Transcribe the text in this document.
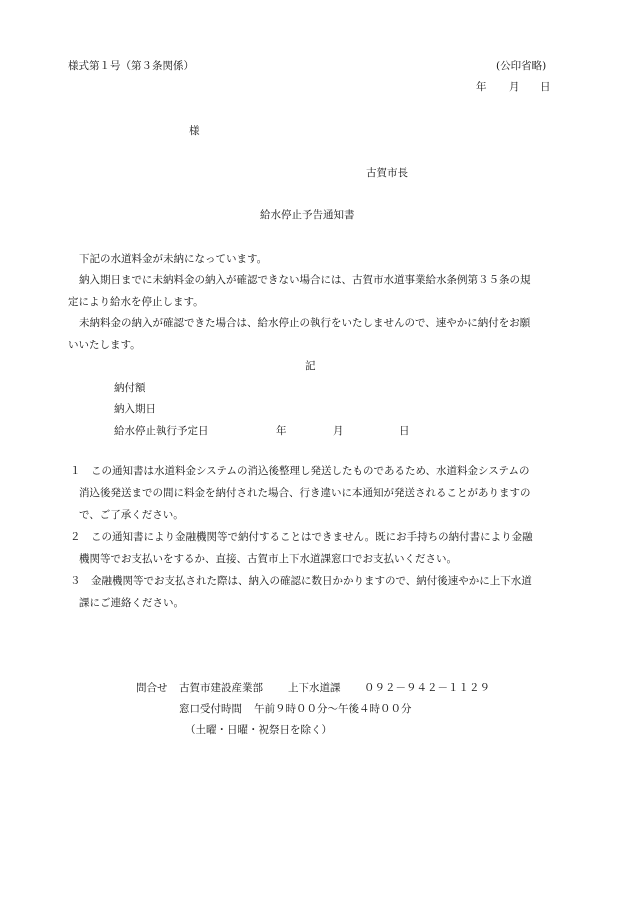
様式第１号（第３条関係）	(公印省略)
年 月 日
様
古賀市長
給水停止予告通知書
下記の水道料金が未納になっています。
納入期日までに未納料金の納入が確認できない場合には、古賀市水道事業給水条例第３５条の規
定により給水を停止します。
未納料金の納入が確認できた場合は、給水停止の執行をいたしませんので、速やかに納付をお願
いいたします。
記
納付額
納入期日
給水停止執行予定日	年	月	日
１ この通知書は水道料金システムの消込後整理し発送したものであるため、水道料金システムの
消込後発送までの間に料金を納付された場合、行き違いに本通知が発送されることがありますの
で、ご了承ください。
２ この通知書により金融機関等で納付することはできません。既にお手持ちの納付書により金融
機関等でお支払いをするか、直接、古賀市上下水道課窓口でお支払いください。
３ 金融機関等でお支払された際は、納入の確認に数日かかりますので、納付後速やかに上下水道
課にご連絡ください。
問合せ 古賀市建設産業部 上下水道課 ０９２－９４２－１１２９
窓口受付時間 午前９時００分～午後４時００分
（土曜・日曜・祝祭日を除く）
